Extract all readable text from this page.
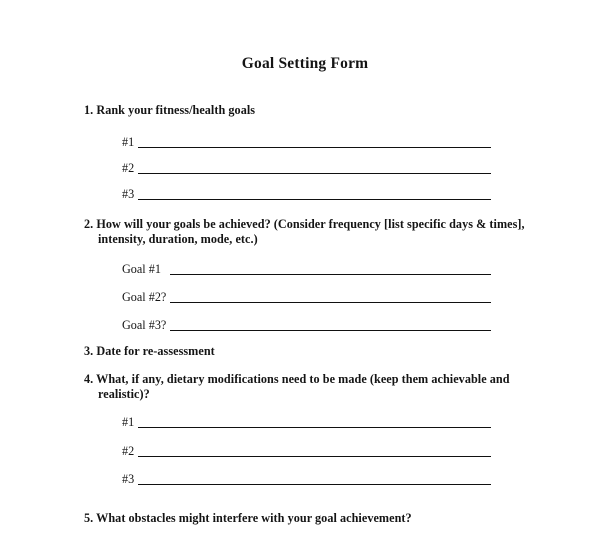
Goal Setting Form
1. Rank your fitness/health goals
#1
#2
#3
2. How will your goals be achieved? (Consider frequency [list specific days & times], intensity, duration, mode, etc.)
Goal #1
Goal #2?
Goal #3?
3. Date for re-assessment
4. What, if any, dietary modifications need to be made (keep them achievable and realistic)?
#1
#2
#3
5. What obstacles might interfere with your goal achievement?
